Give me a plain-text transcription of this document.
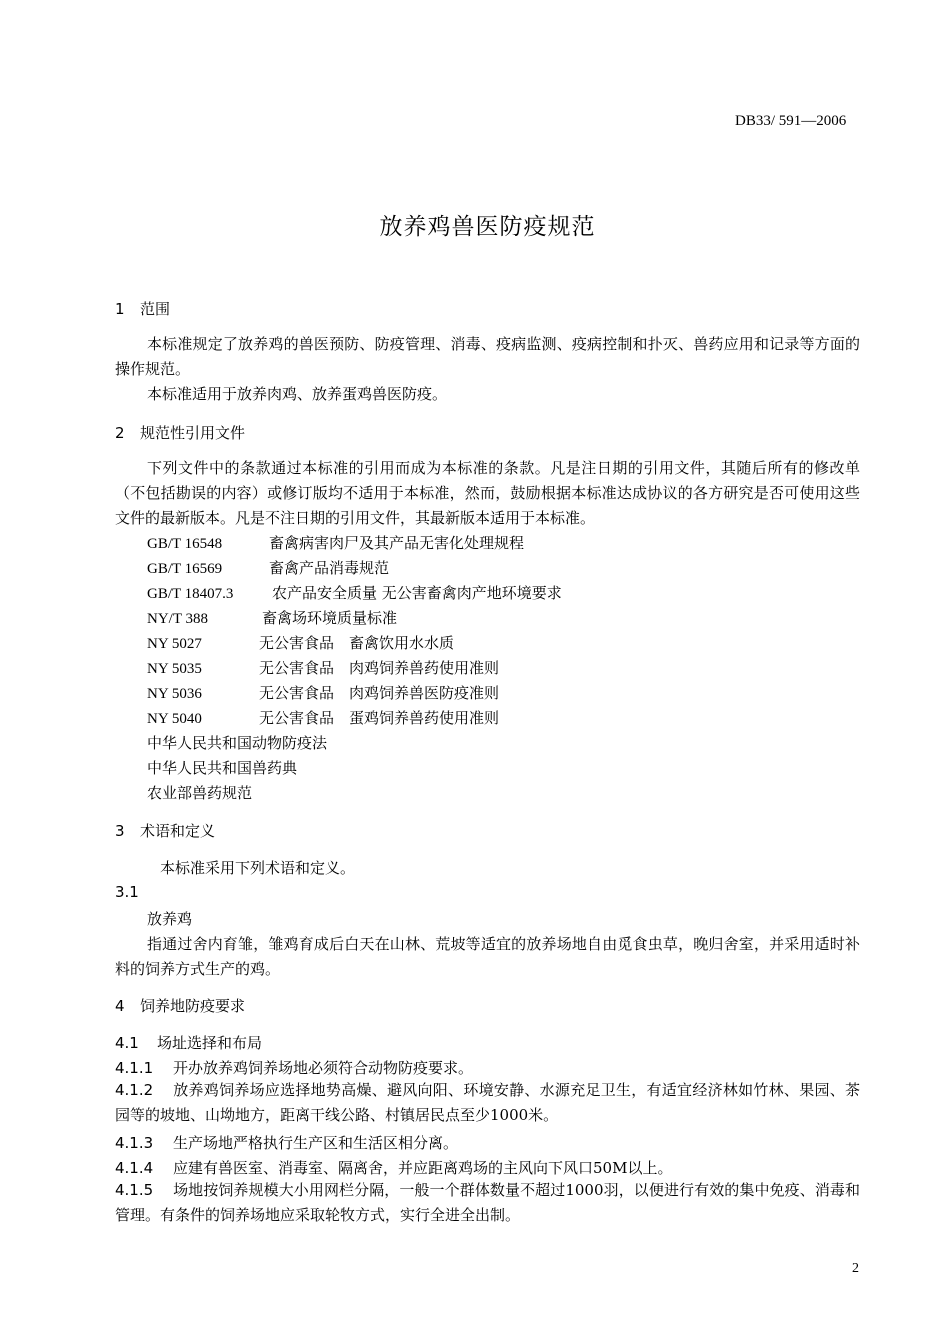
DB33/ 591—2006
放养鸡兽医防疫规范
1 范围
本标准规定了放养鸡的兽医预防、防疫管理、消毒、疫病监测、疫病控制和扑灭、兽药应用和记录等方面的操作规范。
本标准适用于放养肉鸡、放养蛋鸡兽医防疫。
2 规范性引用文件
下列文件中的条款通过本标准的引用而成为本标准的条款。凡是注日期的引用文件，其随后所有的修改单（不包括勘误的内容）或修订版均不适用于本标准，然而，鼓励根据本标准达成协议的各方研究是否可使用这些文件的最新版本。凡是不注日期的引用文件，其最新版本适用于本标准。
GB/T 16548	畜禽病害肉尸及其产品无害化处理规程
GB/T 16569	畜禽产品消毒规范
GB/T 18407.3	农产品安全质量 无公害畜禽肉产地环境要求
NY/T 388	畜禽场环境质量标准
NY 5027	无公害食品　畜禽饮用水水质
NY 5035	无公害食品　肉鸡饲养兽药使用准则
NY 5036	无公害食品　肉鸡饲养兽医防疫准则
NY 5040	无公害食品　蛋鸡饲养兽药使用准则
中华人民共和国动物防疫法
中华人民共和国兽药典
农业部兽药规范
3 术语和定义
本标准采用下列术语和定义。
3.1
放养鸡
指通过舍内育雏，雏鸡育成后白天在山林、荒坡等适宜的放养场地自由觅食虫草，晚归舍室，并采用适时补料的饲养方式生产的鸡。
4 饲养地防疫要求
4.1 场址选择和布局
4.1.1 开办放养鸡饲养场地必须符合动物防疫要求。
4.1.2 放养鸡饲养场应选择地势高燥、避风向阳、环境安静、水源充足卫生，有适宜经济林如竹林、果园、茶园等的坡地、山坳地方，距离干线公路、村镇居民点至少1000米。
4.1.3 生产场地严格执行生产区和生活区相分离。
4.1.4 应建有兽医室、消毒室、隔离舍，并应距离鸡场的主风向下风口50M以上。
4.1.5 场地按饲养规模大小用网栏分隔，一般一个群体数量不超过1000羽，以便进行有效的集中免疫、消毒和管理。有条件的饲养场地应采取轮牧方式，实行全进全出制。
2
